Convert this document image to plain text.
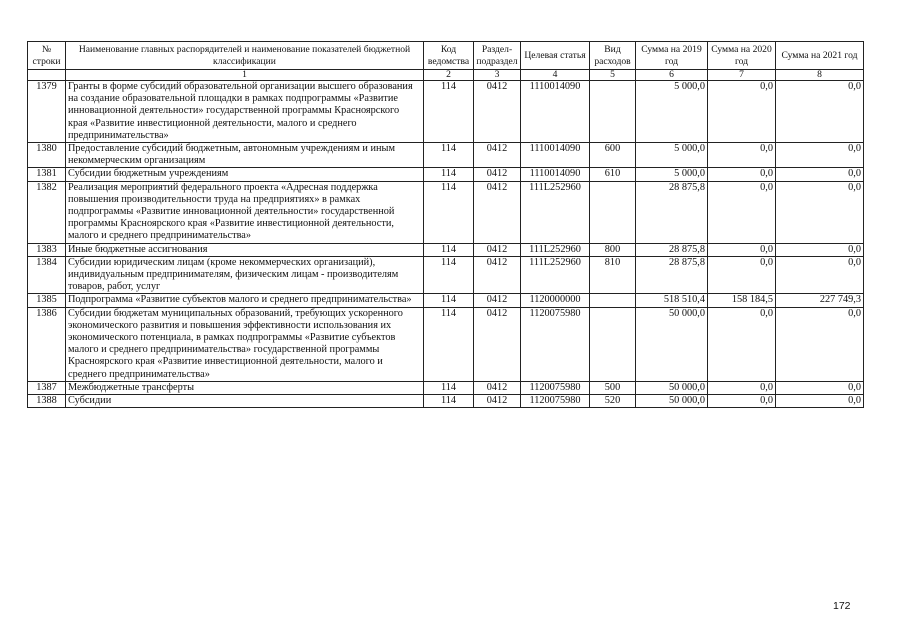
№ строки	Наименование главных распорядителей и наименование показателей бюджетной классификации	Код ведомства	Раздел-подраздел	Целевая статья	Вид расходов	Сумма на 2019 год	Сумма на 2020 год	Сумма на 2021 год
	1	2	3	4	5	6	7	8
1379	Гранты в форме субсидий образовательной организации высшего образования на создание образовательной площадки в рамках подпрограммы «Развитие инновационной деятельности» государственной программы Красноярского края «Развитие инвестиционной деятельности, малого и среднего предпринимательства»	114	0412	1110014090		5 000,0	0,0	0,0
1380	Предоставление субсидий бюджетным, автономным учреждениям и иным некоммерческим организациям	114	0412	1110014090	600	5 000,0	0,0	0,0
1381	Субсидии бюджетным учреждениям	114	0412	1110014090	610	5 000,0	0,0	0,0
1382	Реализация мероприятий федерального проекта «Адресная поддержка повышения производительности труда на предприятиях» в рамках подпрограммы «Развитие инновационной деятельности» государственной программы Красноярского края «Развитие инвестиционной деятельности, малого и среднего предпринимательства»	114	0412	111L252960		28 875,8	0,0	0,0
1383	Иные бюджетные ассигнования	114	0412	111L252960	800	28 875,8	0,0	0,0
1384	Субсидии юридическим лицам (кроме некоммерческих организаций), индивидуальным предпринимателям, физическим лицам - производителям товаров, работ, услуг	114	0412	111L252960	810	28 875,8	0,0	0,0
1385	Подпрограмма «Развитие субъектов малого и среднего предпринимательства»	114	0412	1120000000		518 510,4	158 184,5	227 749,3
1386	Субсидии бюджетам муниципальных образований, требующих ускоренного экономического развития и повышения эффективности использования их экономического потенциала, в рамках подпрограммы «Развитие субъектов малого и среднего предпринимательства» государственной программы Красноярского края «Развитие инвестиционной деятельности, малого и среднего предпринимательства»	114	0412	1120075980		50 000,0	0,0	0,0
1387	Межбюджетные трансферты	114	0412	1120075980	500	50 000,0	0,0	0,0
1388	Субсидии	114	0412	1120075980	520	50 000,0	0,0	0,0
172
